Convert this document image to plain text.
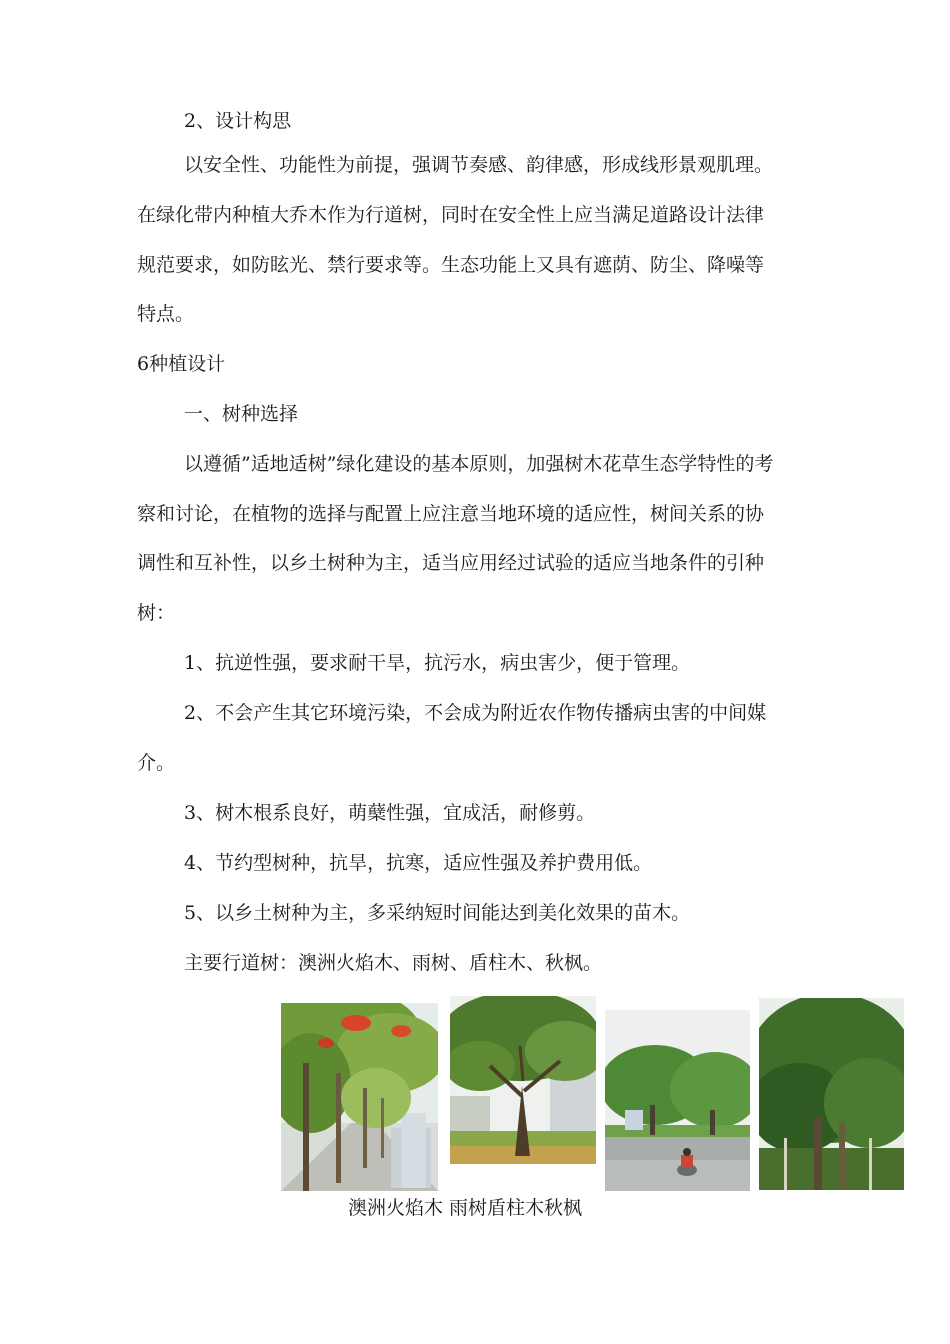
2、设计构思
以安全性、功能性为前提，强调节奏感、韵律感，形成线形景观肌理。
在绿化带内种植大乔木作为行道树，同时在安全性上应当满足道路设计法律
规范要求，如防眩光、禁行要求等。生态功能上又具有遮荫、防尘、降噪等
特点。
6种植设计
一、树种选择
以遵循”适地适树”绿化建设的基本原则，加强树木花草生态学特性的考
察和讨论，在植物的选择与配置上应注意当地环境的适应性，树间关系的协
调性和互补性，以乡土树种为主，适当应用经过试验的适应当地条件的引种
树：
1、抗逆性强，要求耐干旱，抗污水，病虫害少，便于管理。
2、不会产生其它环境污染，不会成为附近农作物传播病虫害的中间媒
介。
3、树木根系良好，萌蘖性强，宜成活，耐修剪。
4、节约型树种，抗旱，抗寒，适应性强及养护费用低。
5、以乡土树种为主，多采纳短时间能达到美化效果的苗木。
主要行道树：澳洲火焰木、雨树、盾柱木、秋枫。
澳洲火焰木 雨树盾柱木秋枫
